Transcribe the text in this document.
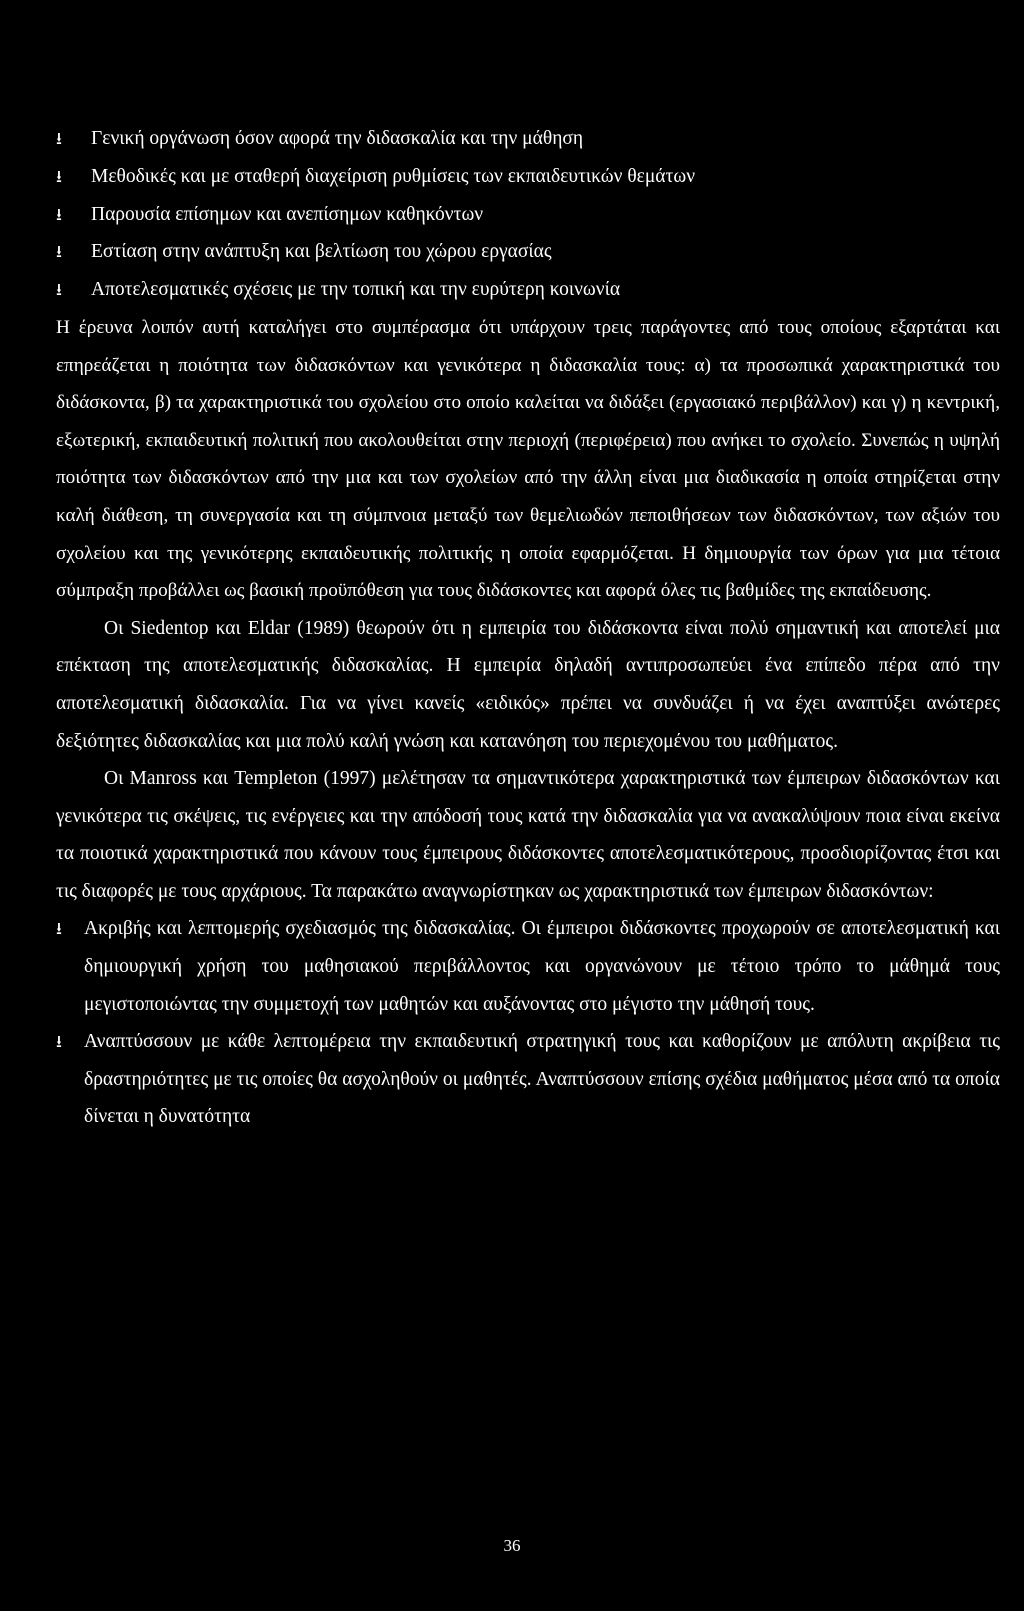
⭳	Γενική οργάνωση όσον αφορά την διδασκαλία και την μάθηση
⭳	Μεθοδικές και με σταθερή διαχείριση ρυθμίσεις των εκπαιδευτικών θεμάτων
⭳	Παρουσία επίσημων και ανεπίσημων καθηκόντων
⭳	Εστίαση στην ανάπτυξη και βελτίωση του χώρου εργασίας
⭳	Αποτελεσματικές σχέσεις με την τοπική και την ευρύτερη κοινωνία

Η έρευνα λοιπόν αυτή καταλήγει στο συμπέρασμα ότι υπάρχουν τρεις παράγοντες από τους οποίους εξαρτάται και επηρεάζεται η ποιότητα των διδασκόντων και γενικότερα η διδασκαλία τους: α) τα προσωπικά χαρακτηριστικά του διδάσκοντα, β) τα χαρακτηριστικά του σχολείου στο οποίο καλείται να διδάξει (εργασιακό περιβάλλον) και γ) η κεντρική, εξωτερική, εκπαιδευτική πολιτική που ακολουθείται στην περιοχή (περιφέρεια) που ανήκει το σχολείο. Συνεπώς η υψηλή ποιότητα των διδασκόντων από την μια και των σχολείων από την άλλη είναι μια διαδικασία η οποία στηρίζεται στην καλή διάθεση, τη συνεργασία και τη σύμπνοια μεταξύ των θεμελιωδών πεποιθήσεων των διδασκόντων, των αξιών του σχολείου και της γενικότερης εκπαιδευτικής πολιτικής η οποία εφαρμόζεται. Η δημιουργία των όρων για μια τέτοια σύμπραξη προβάλλει ως βασική προϋπόθεση για τους διδάσκοντες και αφορά όλες τις βαθμίδες της εκπαίδευσης.

Οι Siedentop και Eldar (1989) θεωρούν ότι η εμπειρία του διδάσκοντα είναι πολύ σημαντική και αποτελεί μια επέκταση της αποτελεσματικής διδασκαλίας. Η εμπειρία δηλαδή αντιπροσωπεύει ένα επίπεδο πέρα από την αποτελεσματική διδασκαλία. Για να γίνει κανείς «ειδικός» πρέπει να συνδυάζει ή να έχει αναπτύξει ανώτερες δεξιότητες διδασκαλίας και μια πολύ καλή γνώση και κατανόηση του περιεχομένου του μαθήματος.

Οι Manross και Templeton (1997) μελέτησαν τα σημαντικότερα χαρακτηριστικά των έμπειρων διδασκόντων και γενικότερα τις σκέψεις, τις ενέργειες και την απόδοσή τους κατά την διδασκαλία για να ανακαλύψουν ποια είναι εκείνα τα ποιοτικά χαρακτηριστικά που κάνουν τους έμπειρους διδάσκοντες αποτελεσματικότερους, προσδιορίζοντας έτσι και τις διαφορές με τους αρχάριους. Τα παρακάτω αναγνωρίστηκαν ως χαρακτηριστικά των έμπειρων διδασκόντων:

⭳	Ακριβής και λεπτομερής σχεδιασμός της διδασκαλίας. Οι έμπειροι διδάσκοντες προχωρούν σε αποτελεσματική και δημιουργική χρήση του μαθησιακού περιβάλλοντος και οργανώνουν με τέτοιο τρόπο το μάθημά τους μεγιστοποιώντας την συμμετοχή των μαθητών και αυξάνοντας στο μέγιστο την μάθησή τους.
⭳	Αναπτύσσουν με κάθε λεπτομέρεια την εκπαιδευτική στρατηγική τους και καθορίζουν με απόλυτη ακρίβεια τις δραστηριότητες με τις οποίες θα ασχοληθούν οι μαθητές. Αναπτύσσουν επίσης σχέδια μαθήματος μέσα από τα οποία δίνεται η δυνατότητα
36
